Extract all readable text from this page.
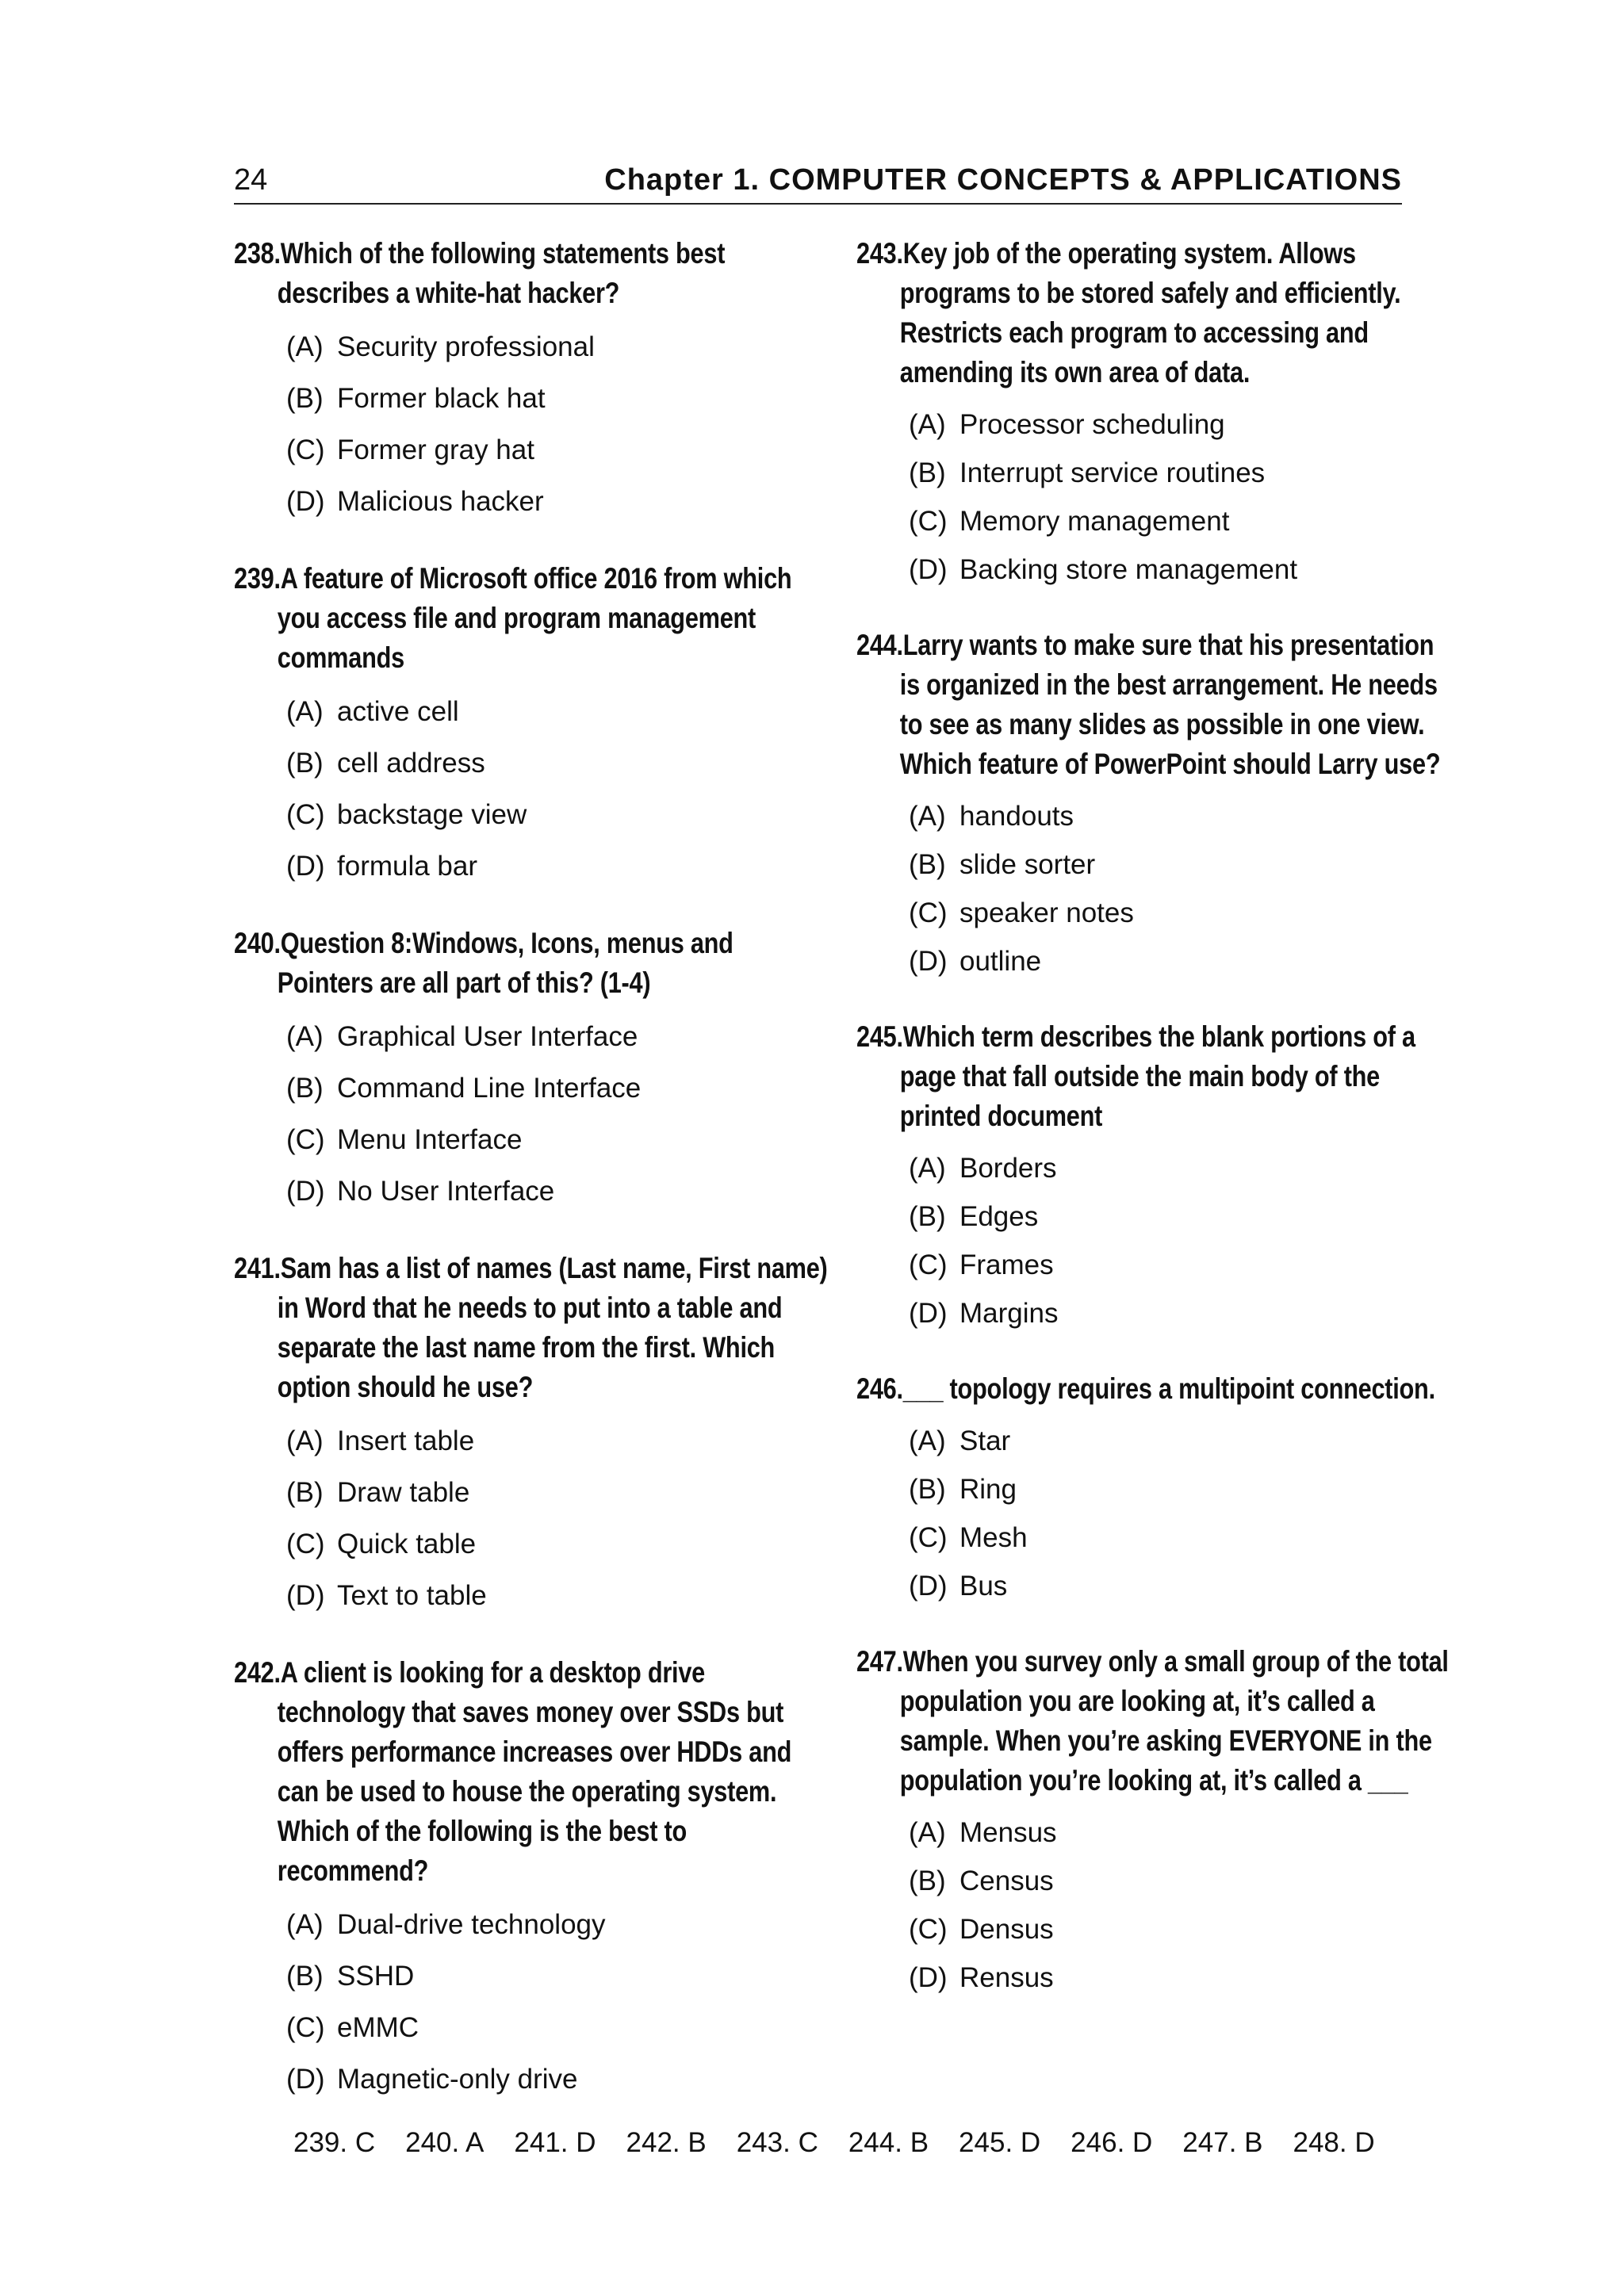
24	Chapter 1. COMPUTER CONCEPTS & APPLICATIONS
238.Which of the following statements best describes a white-hat hacker?
(A) Security professional
(B) Former black hat
(C) Former gray hat
(D) Malicious hacker
239.A feature of Microsoft office 2016 from which you access file and program management commands
(A) active cell
(B) cell address
(C) backstage view
(D) formula bar
240.Question 8:Windows, Icons, menus and Pointers are all part of this? (1-4)
(A) Graphical User Interface
(B) Command Line Interface
(C) Menu Interface
(D) No User Interface
241.Sam has a list of names (Last name, First name) in Word that he needs to put into a table and separate the last name from the first. Which option should he use?
(A) Insert table
(B) Draw table
(C) Quick table
(D) Text to table
242.A client is looking for a desktop drive technology that saves money over SSDs but offers performance increases over HDDs and can be used to house the operating system. Which of the following is the best to recommend?
(A) Dual-drive technology
(B) SSHD
(C) eMMC
(D) Magnetic-only drive
243.Key job of the operating system. Allows programs to be stored safely and efficiently. Restricts each program to accessing and amending its own area of data.
(A) Processor scheduling
(B) Interrupt service routines
(C) Memory management
(D) Backing store management
244.Larry wants to make sure that his presentation is organized in the best arrangement. He needs to see as many slides as possible in one view. Which feature of PowerPoint should Larry use?
(A) handouts
(B) slide sorter
(C) speaker notes
(D) outline
245.Which term describes the blank portions of a page that fall outside the main body of the printed document
(A) Borders
(B) Edges
(C) Frames
(D) Margins
246.___ topology requires a multipoint connection.
(A) Star
(B) Ring
(C) Mesh
(D) Bus
247.When you survey only a small group of the total population you are looking at, it’s called a sample. When you’re asking EVERYONE in the population you’re looking at, it’s called a ___
(A) Mensus
(B) Census
(C) Densus
(D) Rensus
239. C 240. A 241. D 242. B 243. C 244. B 245. D 246. D 247. B 248. D
